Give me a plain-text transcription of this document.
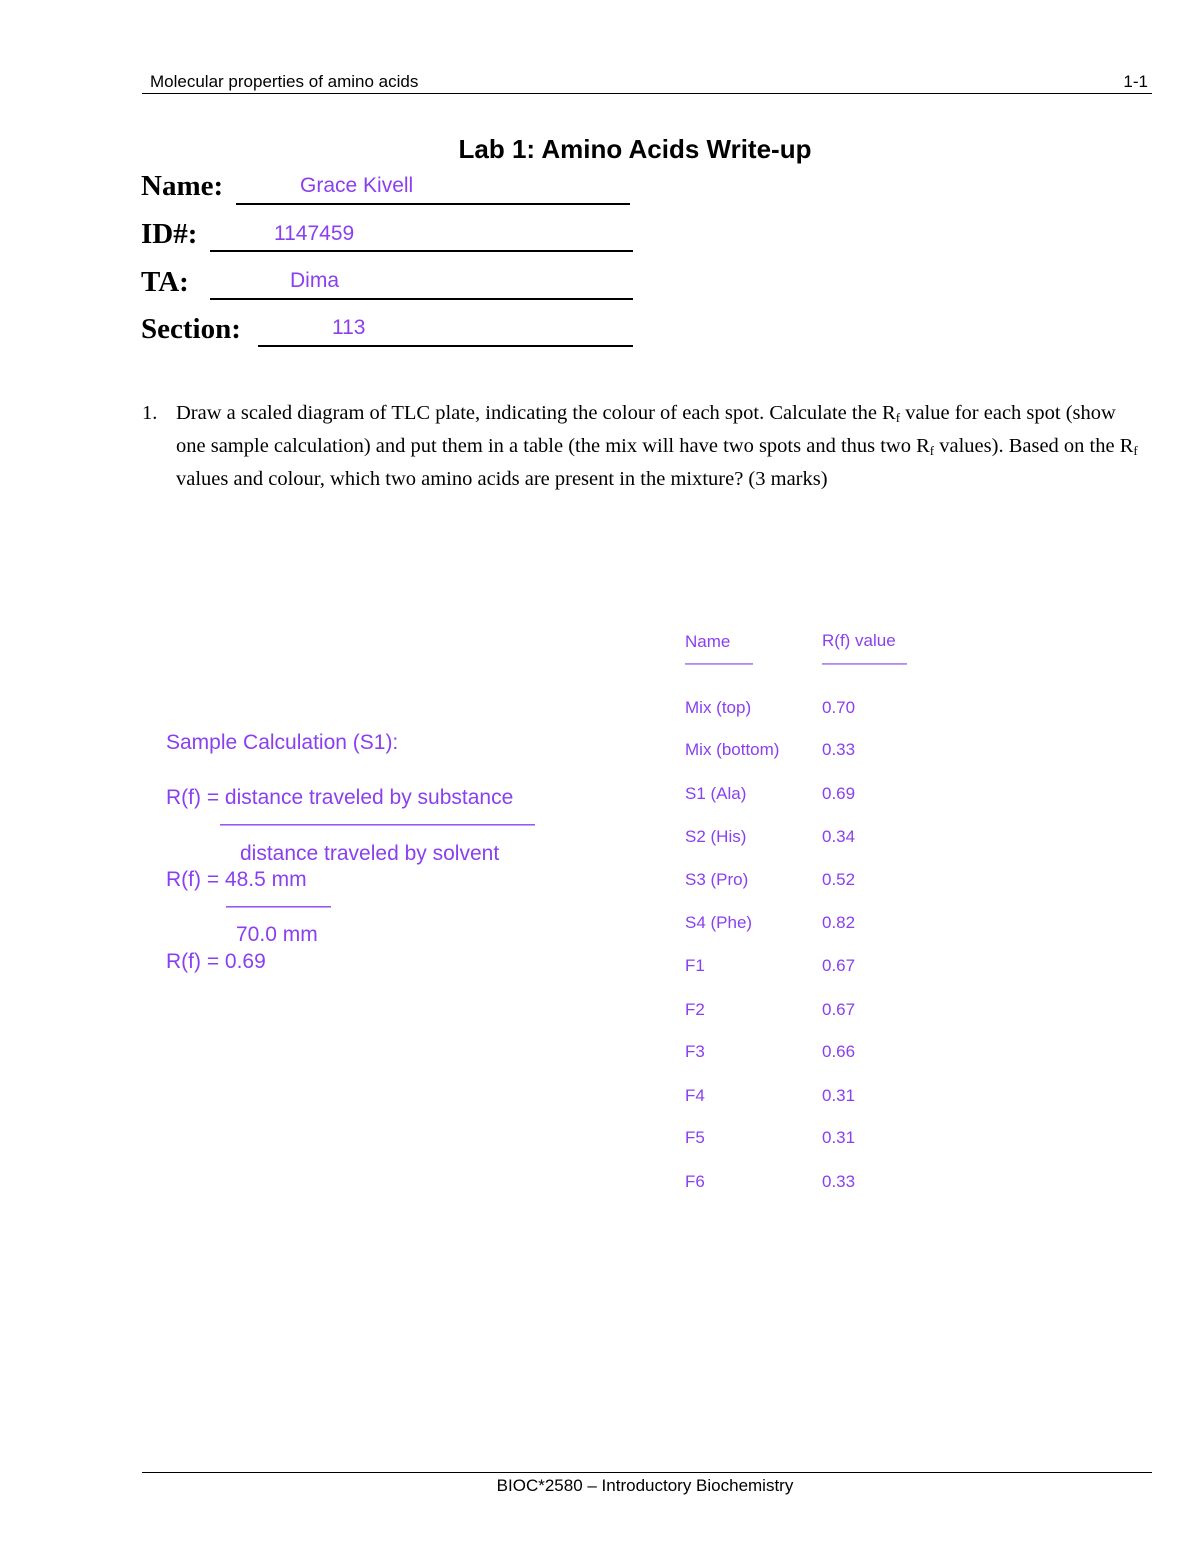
Molecular properties of amino acids	1-1
Lab 1: Amino Acids Write-up
Name:	Grace Kivell
ID#:	1147459
TA:	Dima
Section:	113
1. Draw a scaled diagram of TLC plate, indicating the colour of each spot. Calculate the $R_f$ value for each spot (show one sample calculation) and put them in a table (the mix will have two spots and thus two $R_f$ values). Based on the $R_f$ values and colour, which two amino acids are present in the mixture? (3 marks)
Sample Calculation (S1):
R(f) = distance traveled by substance
———————————————
distance traveled by solvent
R(f) = 48.5 mm
—————
70.0 mm
R(f) = 0.69
Name	R(f) value
————	—————
Mix (top)	0.70
Mix (bottom)	0.33
S1 (Ala)	0.69
S2 (His)	0.34
S3 (Pro)	0.52
S4 (Phe)	0.82
F1	0.67
F2	0.67
F3	0.66
F4	0.31
F5	0.31
F6	0.33
BIOC*2580 – Introductory Biochemistry
